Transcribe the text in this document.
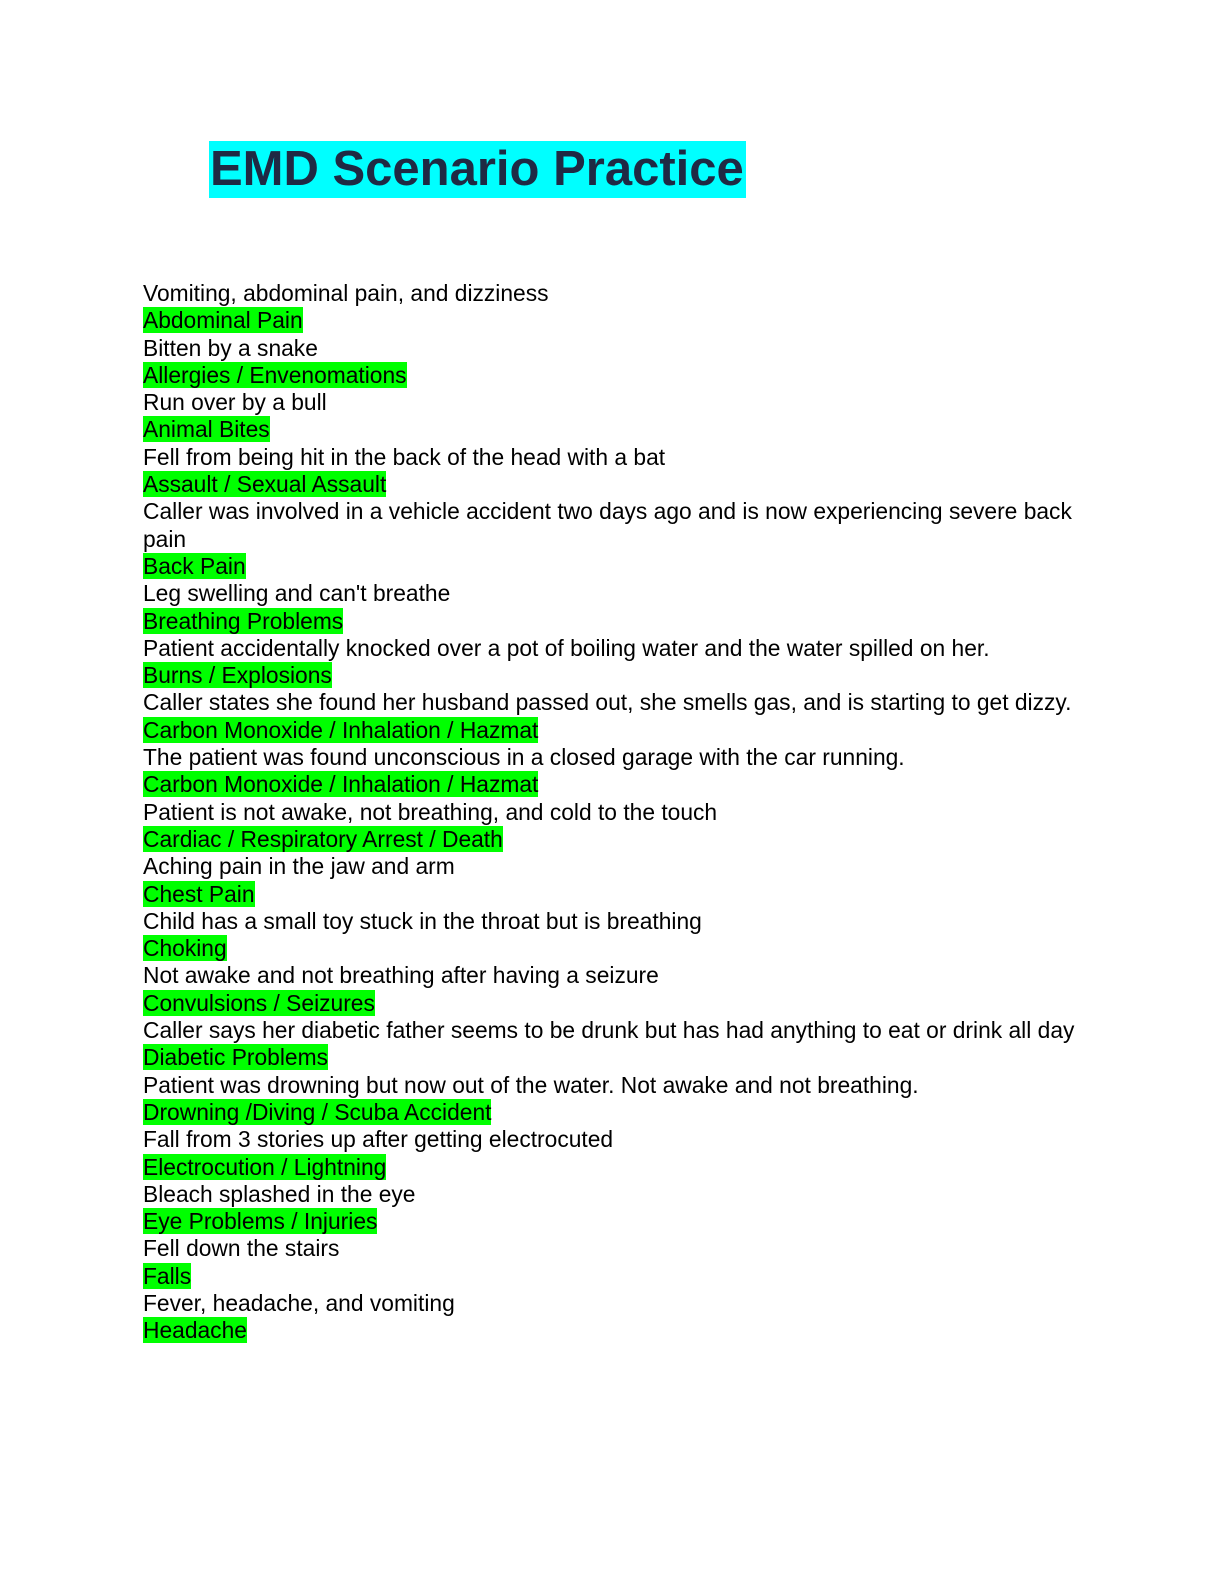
EMD Scenario Practice
Vomiting, abdominal pain, and dizziness
Abdominal Pain
Bitten by a snake
Allergies / Envenomations
Run over by a bull
Animal Bites
Fell from being hit in the back of the head with a bat
Assault / Sexual Assault
Caller was involved in a vehicle accident two days ago and is now experiencing severe back pain
Back Pain
Leg swelling and can't breathe
Breathing Problems
Patient accidentally knocked over a pot of boiling water and the water spilled on her.
Burns / Explosions
Caller states she found her husband passed out, she smells gas, and is starting to get dizzy.
Carbon Monoxide / Inhalation / Hazmat
The patient was found unconscious in a closed garage with the car running.
Carbon Monoxide / Inhalation / Hazmat
Patient is not awake, not breathing, and cold to the touch
Cardiac / Respiratory Arrest / Death
Aching pain in the jaw and arm
Chest Pain
Child has a small toy stuck in the throat but is breathing
Choking
Not awake and not breathing after having a seizure
Convulsions / Seizures
Caller says her diabetic father seems to be drunk but has had anything to eat or drink all day
Diabetic Problems
Patient was drowning but now out of the water. Not awake and not breathing.
Drowning /Diving / Scuba Accident
Fall from 3 stories up after getting electrocuted
Electrocution / Lightning
Bleach splashed in the eye
Eye Problems / Injuries
Fell down the stairs
Falls
Fever, headache, and vomiting
Headache
